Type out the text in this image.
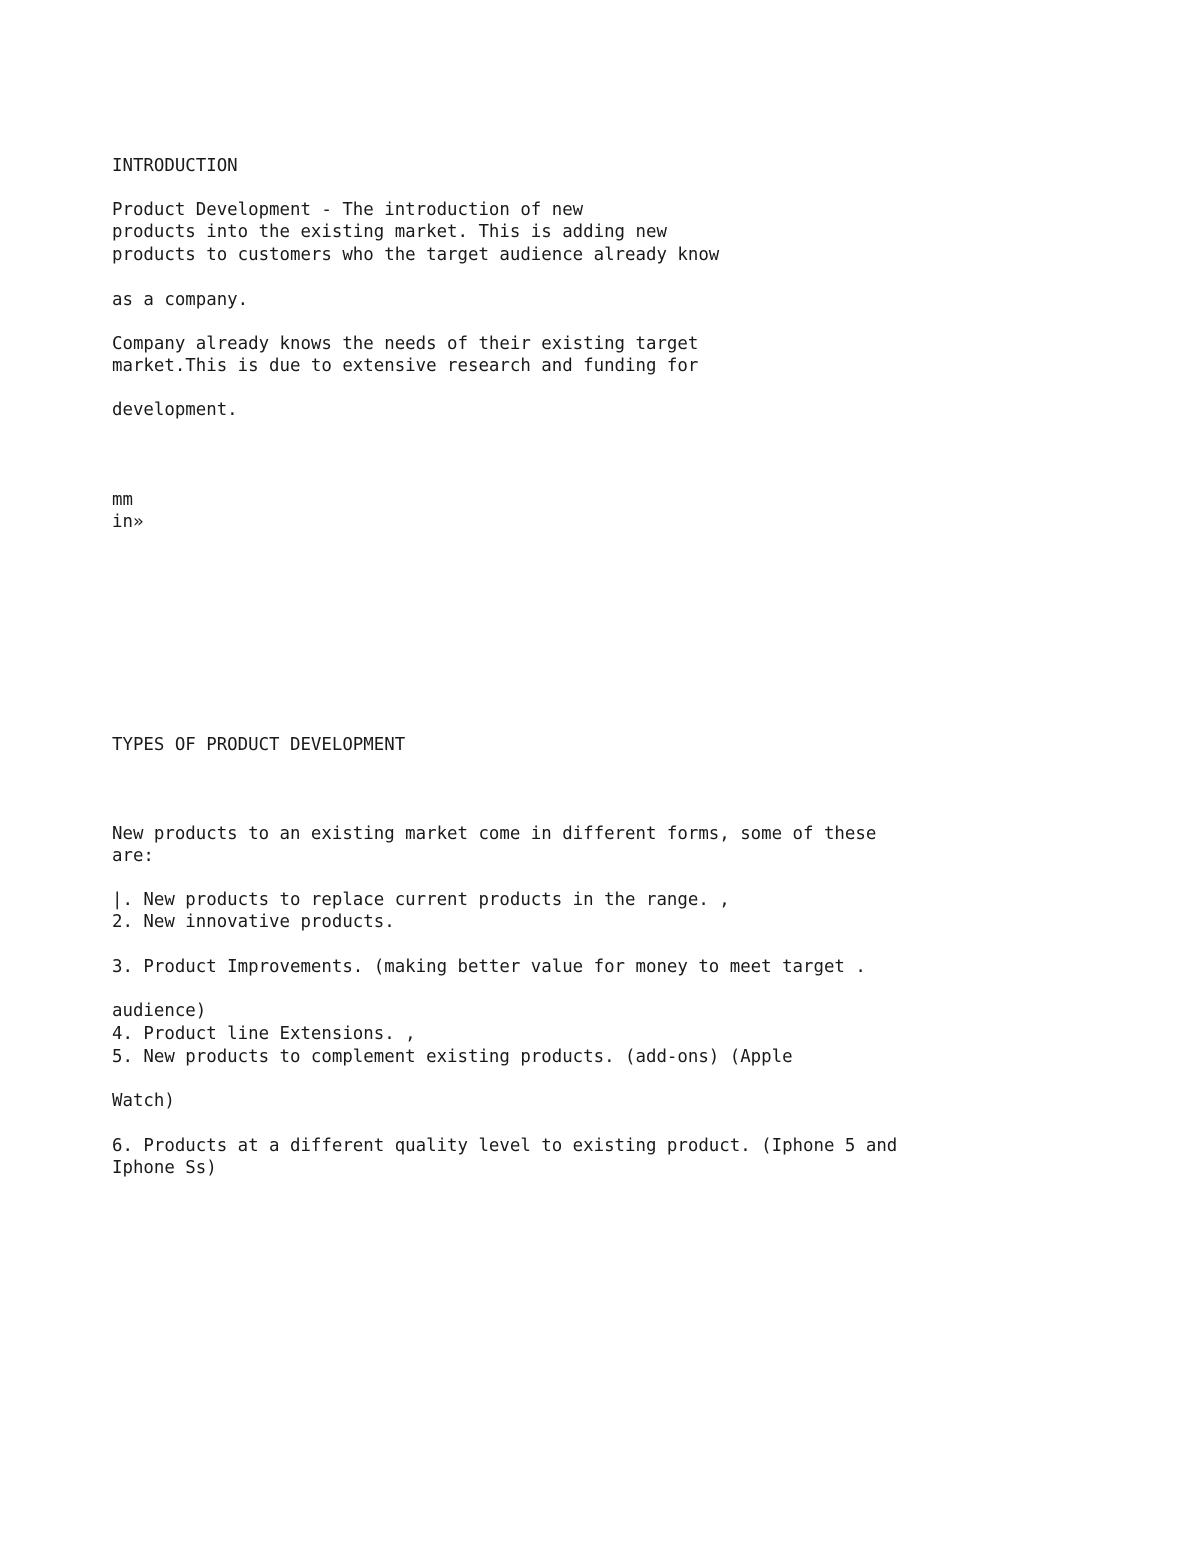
INTRODUCTION

Product Development - The introduction of new

products into the existing market. This is adding new

products to customers who the target audience already know

as a company.

Company already knows the needs of their existing target

market.This is due to extensive research and funding for

development.

mm

in»

TYPES OF PRODUCT DEVELOPMENT

New products to an existing market come in different forms, some of these

are:

|. New products to replace current products in the range. ,

2. New innovative products.

3. Product Improvements. (making better value for money to meet target .

audience)

4. Product line Extensions. ,

5. New products to complement existing products. (add-ons) (Apple

Watch)

6. Products at a different quality level to existing product. (Iphone 5 and

Iphone Ss)
